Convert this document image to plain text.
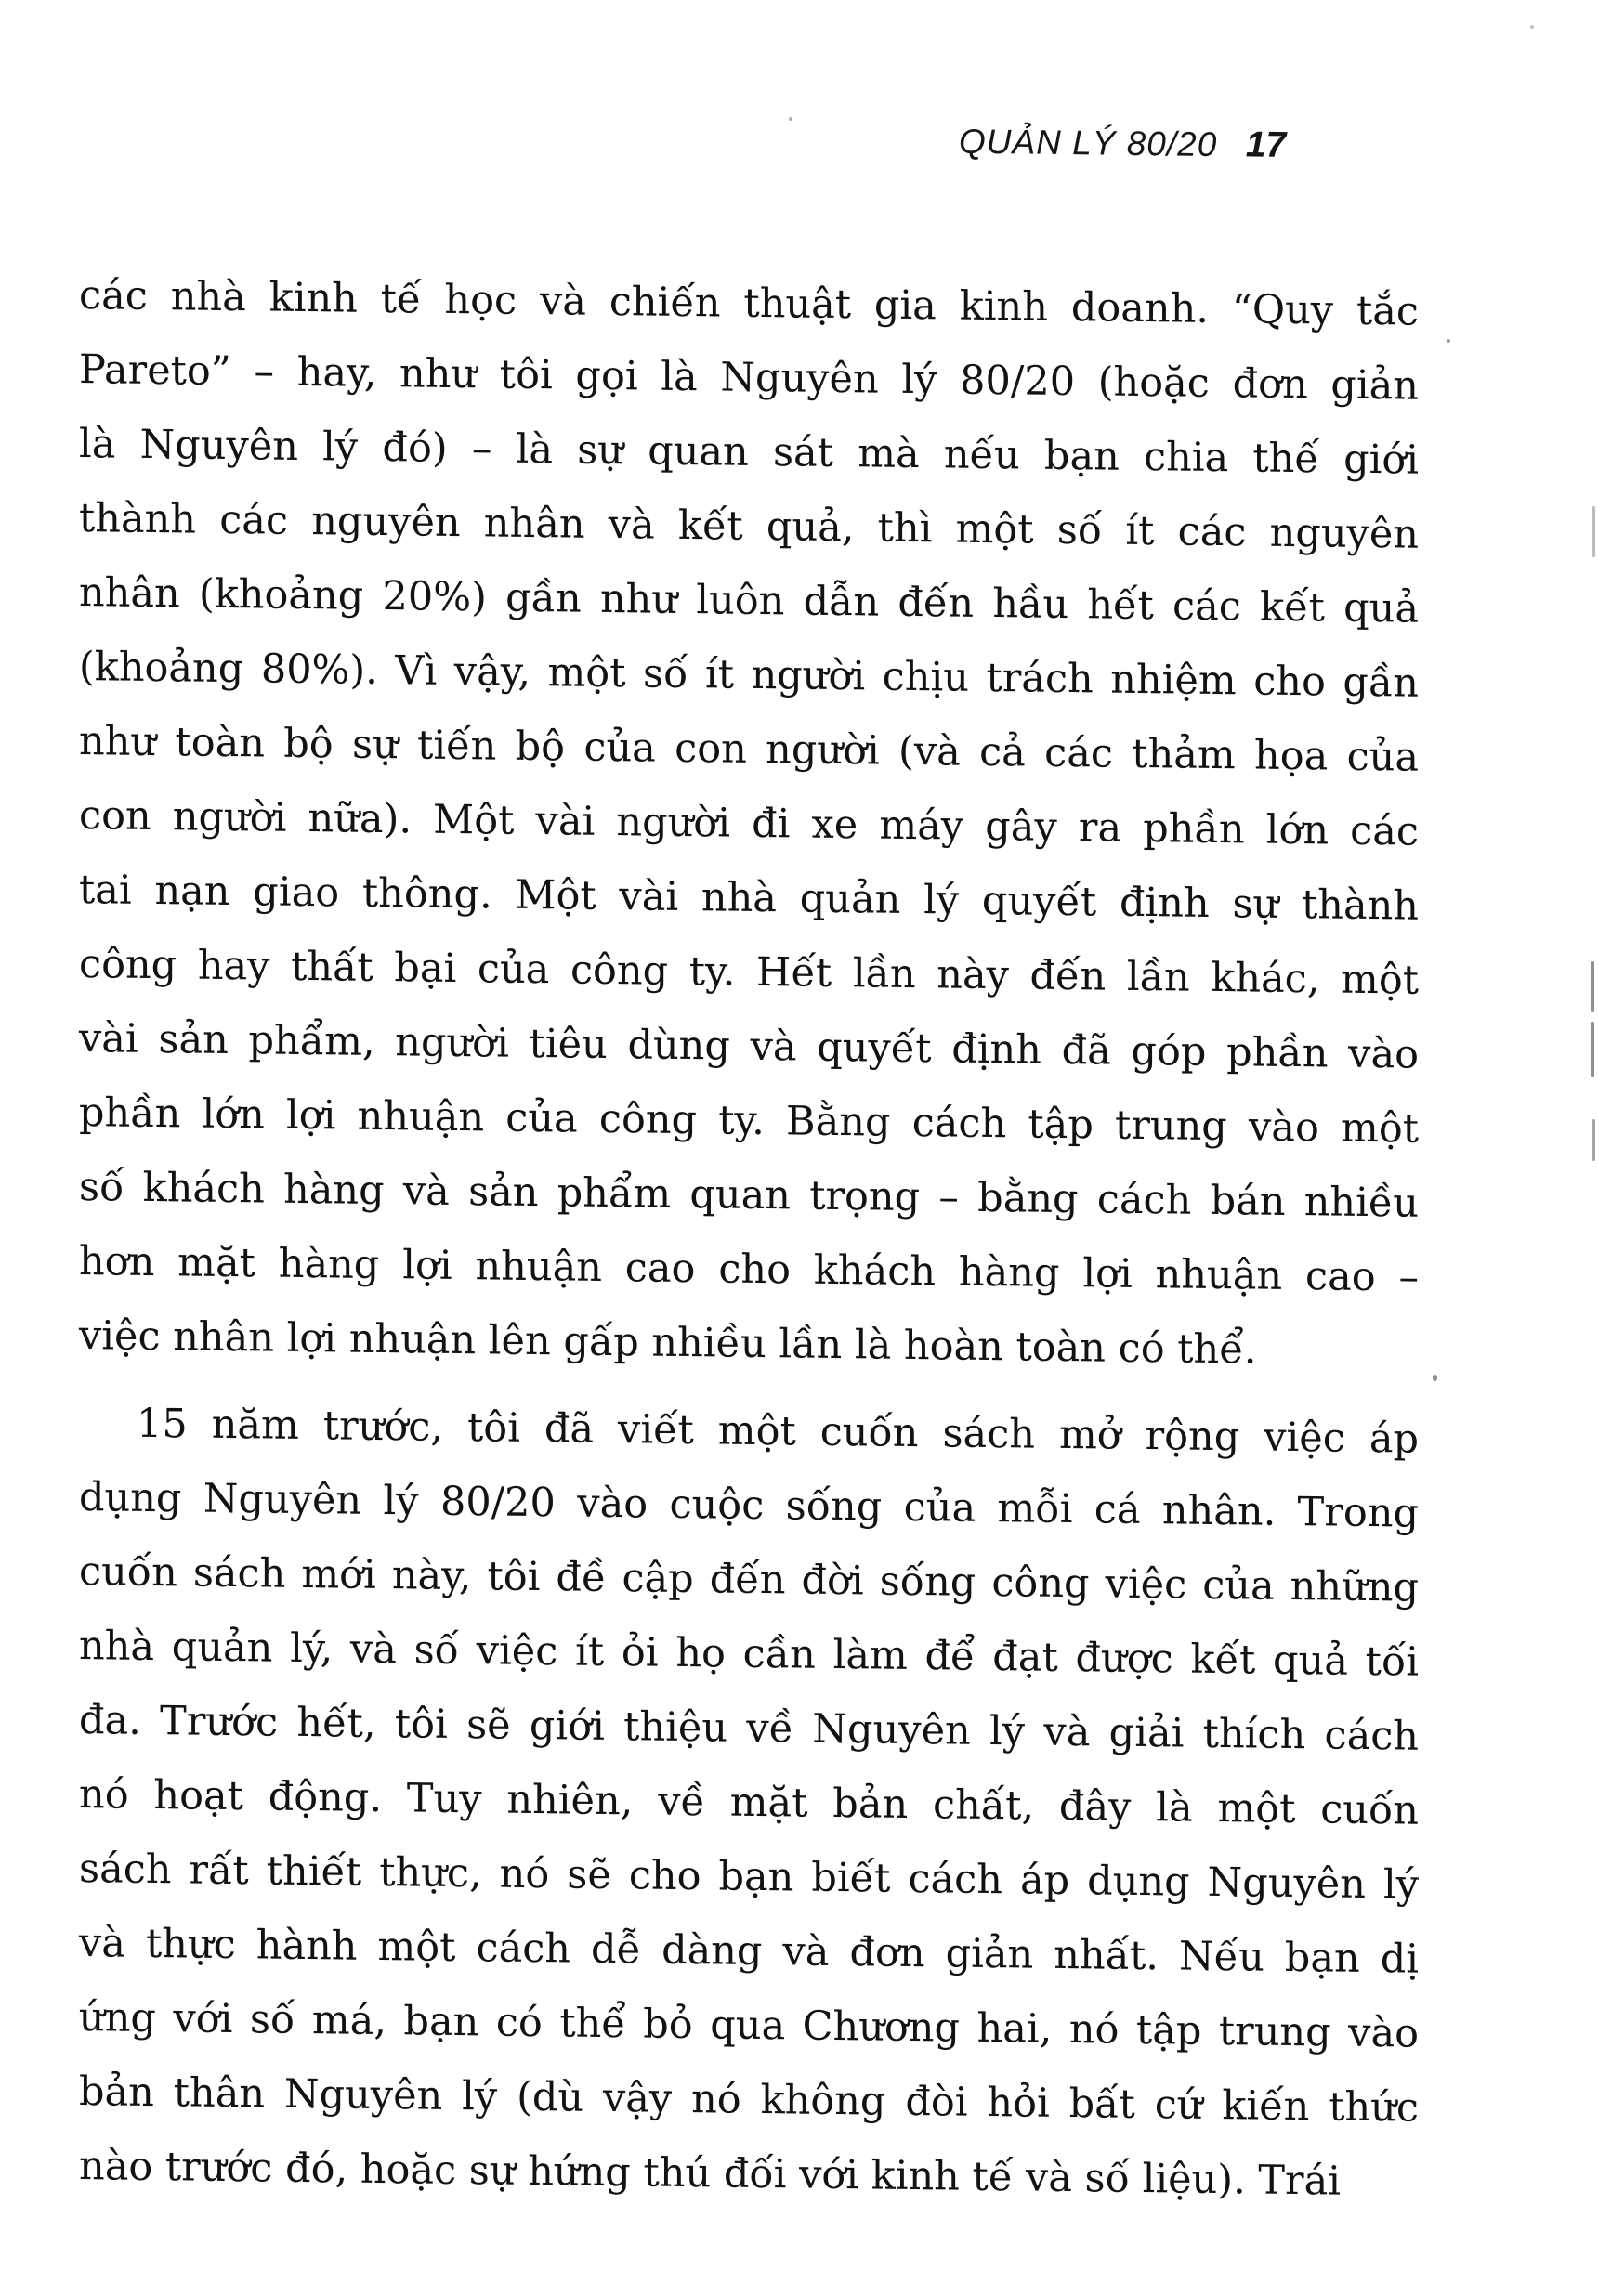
QUẢN LÝ 80/20 17
các nhà kinh tế học và chiến thuật gia kinh doanh. “Quy tắc
Pareto” – hay, như tôi gọi là Nguyên lý 80/20 (hoặc đơn giản
là Nguyên lý đó) – là sự quan sát mà nếu bạn chia thế giới
thành các nguyên nhân và kết quả, thì một số ít các nguyên
nhân (khoảng 20%) gần như luôn dẫn đến hầu hết các kết quả
(khoảng 80%). Vì vậy, một số ít người chịu trách nhiệm cho gần
như toàn bộ sự tiến bộ của con người (và cả các thảm họa của
con người nữa). Một vài người đi xe máy gây ra phần lớn các
tai nạn giao thông. Một vài nhà quản lý quyết định sự thành
công hay thất bại của công ty. Hết lần này đến lần khác, một
vài sản phẩm, người tiêu dùng và quyết định đã góp phần vào
phần lớn lợi nhuận của công ty. Bằng cách tập trung vào một
số khách hàng và sản phẩm quan trọng – bằng cách bán nhiều
hơn mặt hàng lợi nhuận cao cho khách hàng lợi nhuận cao –
việc nhân lợi nhuận lên gấp nhiều lần là hoàn toàn có thể.
15 năm trước, tôi đã viết một cuốn sách mở rộng việc áp
dụng Nguyên lý 80/20 vào cuộc sống của mỗi cá nhân. Trong
cuốn sách mới này, tôi đề cập đến đời sống công việc của những
nhà quản lý, và số việc ít ỏi họ cần làm để đạt được kết quả tối
đa. Trước hết, tôi sẽ giới thiệu về Nguyên lý và giải thích cách
nó hoạt động. Tuy nhiên, về mặt bản chất, đây là một cuốn
sách rất thiết thực, nó sẽ cho bạn biết cách áp dụng Nguyên lý
và thực hành một cách dễ dàng và đơn giản nhất. Nếu bạn dị
ứng với số má, bạn có thể bỏ qua Chương hai, nó tập trung vào
bản thân Nguyên lý (dù vậy nó không đòi hỏi bất cứ kiến thức
nào trước đó, hoặc sự hứng thú đối với kinh tế và số liệu). Trái
